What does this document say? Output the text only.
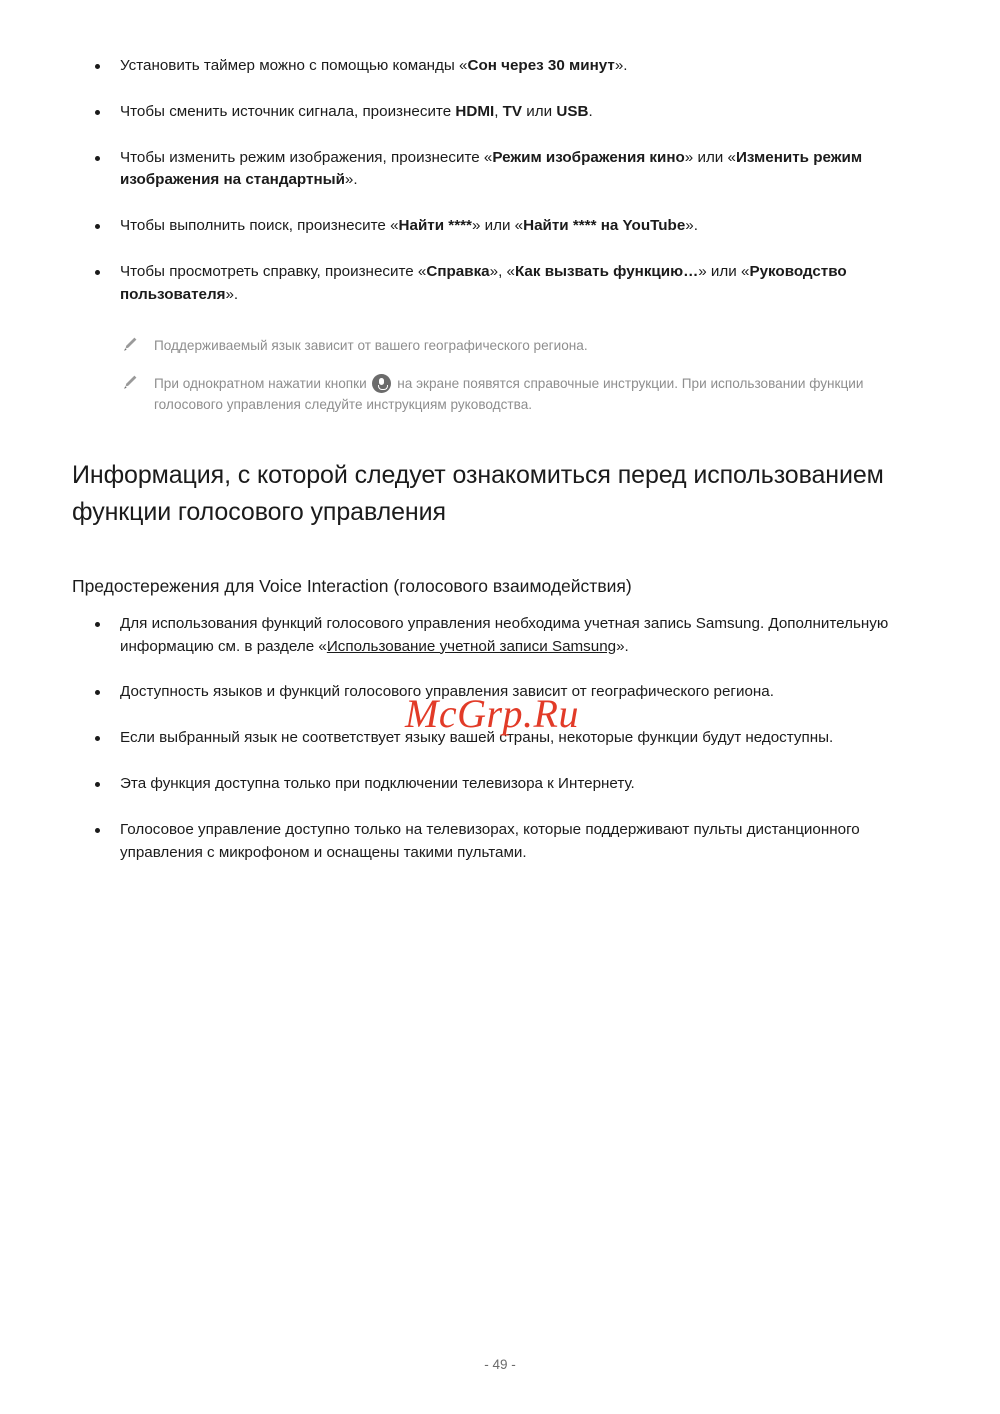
Установить таймер можно с помощью команды «Сон через 30 минут».
Чтобы сменить источник сигнала, произнесите HDMI, TV или USB.
Чтобы изменить режим изображения, произнесите «Режим изображения кино» или «Изменить режим изображения на стандартный».
Чтобы выполнить поиск, произнесите «Найти ****» или «Найти **** на YouTube».
Чтобы просмотреть справку, произнесите «Справка», «Как вызвать функцию…» или «Руководство пользователя».
Поддерживаемый язык зависит от вашего географического региона.
При однократном нажатии кнопки  на экране появятся справочные инструкции. При использовании функции голосового управления следуйте инструкциям руководства.
Информация, с которой следует ознакомиться перед использованием функции голосового управления
Предостережения для Voice Interaction (голосового взаимодействия)
Для использования функций голосового управления необходима учетная запись Samsung. Дополнительную информацию см. в разделе «Использование учетной записи Samsung».
Доступность языков и функций голосового управления зависит от географического региона.
Если выбранный язык не соответствует языку вашей страны, некоторые функции будут недоступны.
Эта функция доступна только при подключении телевизора к Интернету.
Голосовое управление доступно только на телевизорах, которые поддерживают пульты дистанционного управления с микрофоном и оснащены такими пультами.
McGrp.Ru
- 49 -
